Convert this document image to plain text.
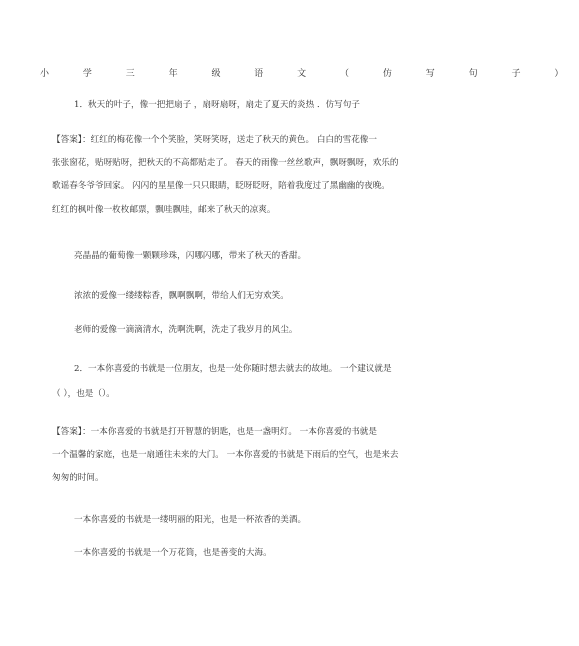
小 学 三 年 级 语 文 （ 仿 写 句 子 ）
1．秋天的叶子，像一把把扇子 ，扇呀扇呀，扇走了夏天的炎热 ．仿写句子
【答案】：红红的梅花像一个个笑脸，笑呀笑呀，送走了秋天的黄色。 白白的雪花像一
张张窗花，贴呀贴呀，把秋天的不高都贴走了。 春天的雨像一丝丝歌声，飘呀飘呀，欢乐的
歌谣春冬爷爷回家。 闪闪的星星像一只只眼睛，眨呀眨呀，陪着我度过了黑幽幽的夜晚。
红红的枫叶像一枚枚邮票，飘哇飘哇，邮来了秋天的凉爽。
亮晶晶的葡萄像一颗颗珍珠，闪哪闪哪，带来了秋天的香甜。
浓浓的爱像一缕缕粽香，飘啊飘啊，带给人们无穷欢笑。
老师的爱像一滴滴清水，洗啊洗啊，洗走了我岁月的风尘。
2．一本你喜爱的书就是一位朋友，也是一处你随时想去就去的故地。 一个建议就是
（ ），也是（）。
【答案】：一本你喜爱的书就是打开智慧的钥匙，也是一盏明灯。 一本你喜爱的书就是
一个温馨的家庭，也是一扇通往未来的大门。 一本你喜爱的书就是下雨后的空气，也是来去
匆匆的时间。
一本你喜爱的书就是一缕明丽的阳光，也是一杯浓香的美酒。
一本你喜爱的书就是一个万花筒，也是善变的大海。
